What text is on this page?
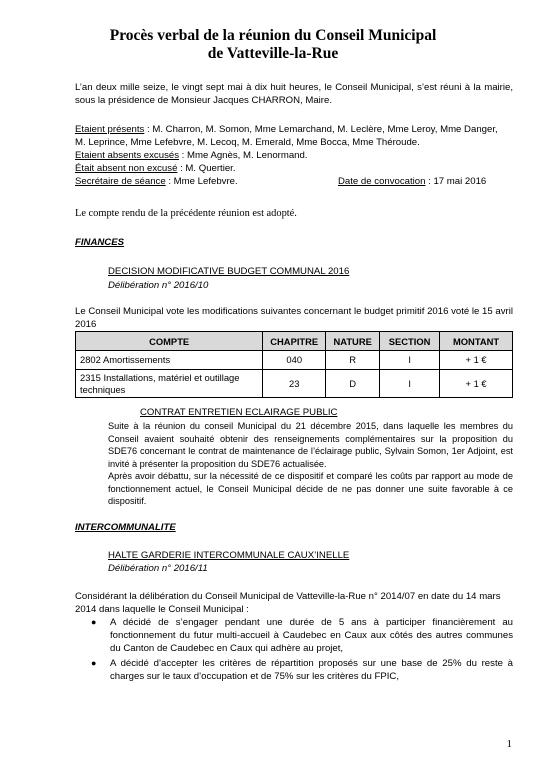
Procès verbal de la réunion du Conseil Municipal
de Vatteville-la-Rue
L’an deux mille seize, le vingt sept mai à dix huit heures, le Conseil Municipal, s’est réuni à la mairie, sous la présidence de Monsieur Jacques CHARRON, Maire.
Etaient présents : M. Charron, M. Somon, Mme Lemarchand, M. Leclère, Mme Leroy, Mme Danger,
M. Leprince, Mme Lefebvre, M. Lecoq, M. Emerald, Mme Bocca, Mme Théroude.
Etaient absents excusés : Mme Agnès, M. Lenormand.
Était absent non excusé : M. Quertier.
Secrétaire de séance : Mme Lefebvre.	Date de convocation : 17 mai 2016
Le compte rendu de la précédente réunion est adopté.
FINANCES
DECISION MODIFICATIVE BUDGET COMMUNAL 2016
Délibération n° 2016/10
Le Conseil Municipal vote les modifications suivantes concernant le budget primitif 2016 voté le 15 avril 2016
COMPTE	CHAPITRE	NATURE	SECTION	MONTANT
2802 Amortissements	040	R	I	+ 1 €
2315 Installations, matériel et outillage techniques	23	D	I	+ 1 €
CONTRAT ENTRETIEN ECLAIRAGE PUBLIC
Suite à la réunion du conseil Municipal du 21 décembre 2015, dans laquelle les membres du Conseil avaient souhaité obtenir des renseignements complémentaires sur la proposition du SDE76 concernant le contrat de maintenance de l’éclairage public, Sylvain Somon, 1er Adjoint, est invité à présenter la proposition du SDE76 actualisée.
Après avoir débattu, sur la nécessité de ce dispositif et comparé les coûts par rapport au mode de fonctionnement actuel, le Conseil Municipal décide de ne pas donner une suite favorable à ce dispositif.
INTERCOMMUNALITE
HALTE GARDERIE INTERCOMMUNALE CAUX’INELLE
Délibération n° 2016/11
Considérant la délibération du Conseil Municipal de Vatteville-la-Rue n° 2014/07 en date du 14 mars 2014 dans laquelle le Conseil Municipal :
● A décidé de s’engager pendant une durée de 5 ans à participer financièrement au fonctionnement du futur multi-accueil à Caudebec en Caux aux côtés des autres communes du Canton de Caudebec en Caux qui adhère au projet,
● A décidé d’accepter les critères de répartition proposés sur une base de 25% du reste à charges sur le taux d’occupation et de 75% sur les critères du FPIC,
1
